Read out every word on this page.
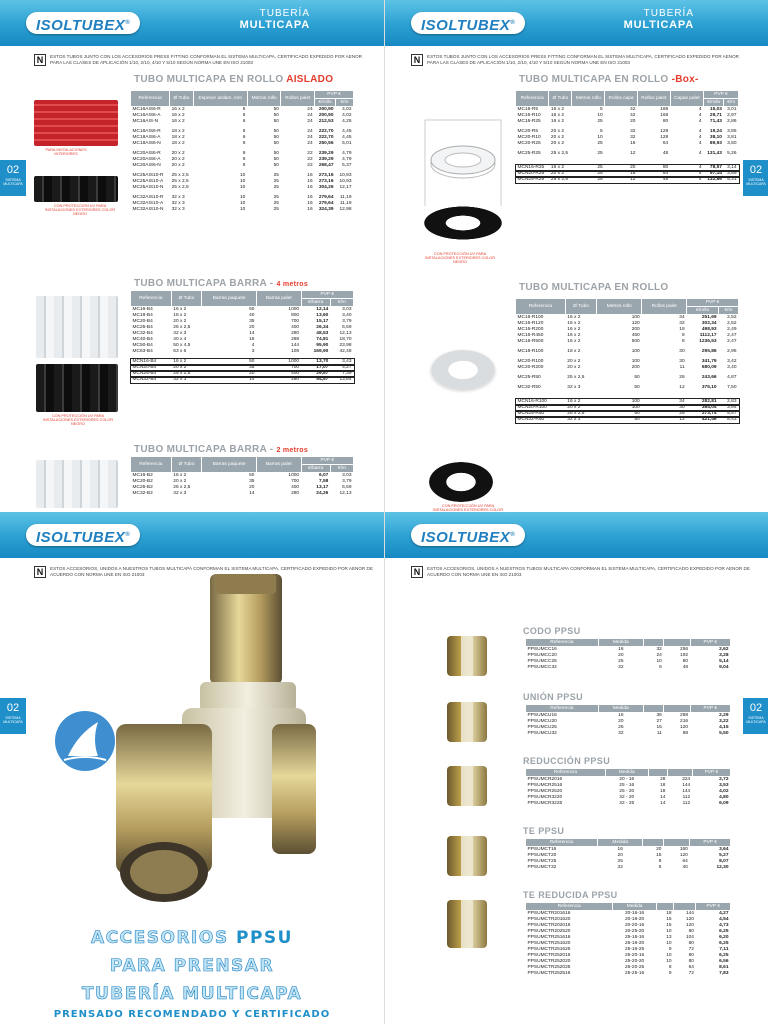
ISOLTUBEX®
TUBERÍA
MULTICAPA
N	ESTOS TUBOS JUNTO CON LOS ACCESORIOS PRESS FITTING CONFORMAN EL SISTEMA MULTICAPA, CERTIFICADO EXPEDIDO POR AENOR PARA LAS CLASES DE APLICACIÓN 1/10, 2/10, 4/10 Y 5/10 SEGÚN NORMA UNE EN ISO 21003
02
SISTEMA MULTICAPA
TUBO MULTICAPA EN ROLLO AISLADO
PARA INSTALACIONES INTERIORES
CON PROTECCIÓN UV PARA INSTALACIONES EXTERIORES COLOR NEGRO
Referencia	Ø Tubo	Espesor aislam. mm	Metros rollo	Rollos palet	PVP €	
					€/rollo	€/m
MC16AIS6-R	16 x 2	6	50	24	200,90	4,02
MC16AIS6-A	16 x 2	6	50	24	200,90	4,02
MC16AIS-N	16 x 2	6	50	24	212,53	4,25

MC18AIS6-R	18 x 2	6	50	24	222,70	4,45
MC18AIS6-A	18 x 2	6	50	24	222,70	4,45
MC18AIS6-N	18 x 2	6	50	24	250,56	5,01

MC20AIS6-R	20 x 2	6	50	22	239,29	4,79
MC20AIS6-A	20 x 2	6	50	22	239,29	4,79
MC20AIS6-N	20 x 2	6	50	22	268,47	5,37

MC25AIS10-R	25 x 2,5	10	25	16	273,16	10,93
MC25AIS10-A	25 x 2,5	10	25	16	273,16	10,93
MC25AIS10-N	25 x 2,5	10	25	16	304,26	12,17

MC32AIS10-R	32 x 3	10	25	16	279,64	11,19
MC32AIS10-A	32 x 3	10	25	16	279,64	11,19
MC32AIS10-N	32 x 3	10	25	16	324,39	12,98
TUBO MULTICAPA BARRA - 4 metros
CON PROTECCIÓN UV PARA INSTALACIONES EXTERIORES COLOR NEGRO
Referencia	Ø Tubo	Barras paquete	Barras palet	PVP €	
				€/barra	€/m
MC16-B4	16 x 2	50	1000	12,14	3,03
MC18-B4	18 x 2	40	800	13,60	3,40
MC20-B4	20 x 2	35	700	15,17	3,79
MC25-B4	25 x 2,5	20	400	26,34	6,59
MC32-B4	32 x 3	14	280	48,53	12,13
MC40-B4	40 x 4	15	288	74,81	18,70
MC50-B4	50 x 4,5	4	144	95,90	23,98
MC63-B4	63 x 6	3	108	169,90	42,48

MCN16-B4	16 x 2	50	1000	13,70	3,43
MCN20-B4	20 x 2	35	700	17,07	4,27
MCN25-B4	25 x 2,5	20	400	29,57	7,39
MCN32-B4	32 x 3	14	280	54,57	13,64
TUBO MULTICAPA BARRA - 2 metros
Referencia	Ø Tubo	Barras paquete	Barras palet	PVP €	
				€/barra	€/m
MC16-B2	16 x 2	50	1000	6,07	3,03
MC20-B2	20 x 2	35	700	7,58	3,79
MC25-B2	25 x 2,5	20	400	13,17	6,59
MC32-B2	32 x 3	14	280	24,26	12,13
ISOLTUBEX®
TUBERÍA
MULTICAPA
N	ESTOS TUBOS JUNTO CON LOS ACCESORIOS PRESS FITTING CONFORMAN EL SISTEMA MULTICAPA, CERTIFICADO EXPEDIDO POR AENOR PARA LAS CLASES DE APLICACIÓN 1/10, 2/10, 4/10 Y 5/10 SEGÚN NORMA UNE EN ISO 21003
02
SISTEMA MULTICAPA
TUBO MULTICAPA EN ROLLO -Box-
CON PROTECCIÓN UV PARA INSTALACIONES EXTERIORES COLOR NEGRO
Referencia	Ø Tubo	Metros rollo	Rollos capa	Rollos palet	Capas palet	PVP €	
						€/rollo	€/m
MC16-R5	16 x 2	5	42	168	4	15,03	3,01
MC16-R10	16 x 2	10	42	168	4	29,71	2,97
MC16-R25	16 x 2	25	20	80	4	71,43	2,86

MC20-R5	20 x 2	5	32	128	4	19,24	3,85
MC20-R10	20 x 2	10	32	128	4	38,10	3,81
MC20-R25	20 x 2	25	16	64	4	89,93	3,60

MC25-R25	25 x 2,5	25	12	48	4	131,43	5,26

MCN16-R25	16 x 2	25	20	80	4	78,57	3,14
MCN20-R25	20 x 2	25	16	64	4	97,14	3,89
MCN25-R25	25 x 2,5	25	12	48	4	132,86	5,31
TUBO MULTICAPA EN ROLLO
CON PROTECCIÓN UV PARA INSTALACIONES EXTERIORES COLOR
Referencia	Ø Tubo	Metros rollo	Rollos palet	PVP €	
				€/rollo	€/m
MC16-R100	16 x 2	100	34	251,69	2,52
MC16-R120	16 x 2	120	32	302,34	2,52
MC16-R200	16 x 2	200	18	498,93	2,49
MC16-R450	16 x 2	450	8	1112,17	2,47
MC16-R500	16 x 2	500	8	1236,53	2,47

MC18-R100	18 x 2	100	30	295,86	2,96

MC20-R100	20 x 2	100	30	341,79	3,42
MC20-R200	20 x 2	200	11	680,09	3,40

MC25-R50	25 x 2,5	50	26	243,66	4,87

MC32-R50	32 x 3	50	12	375,10	7,50

MCN16-R100	16 x 2	100	34	282,81	2,83
MCN20-R100	20 x 2	100	30	384,04	3,84
MCN25-R50	25 x 2,5	50	26	273,74	5,47
MCN32-R50	32 x 3	50	12	421,46	8,43
ISOLTUBEX®
N	ESTOS ACCESORIOS, UNIDOS A NUESTROS TUBOS MULTICAPA CONFORMAN EL SISTEMA MULTICAPA, CERTIFICADO EXPEDIDO POR AENOR DE ACUERDO CON NORMA UNE EN ISO 21003
02
SISTEMA MULTICAPA
ACCESORIOS PPSU
PARA PRENSAR
TUBERÍA MULTICAPA
PRENSADO RECOMENDADO Y CERTIFICADO
ISOLTUBEX®
N	ESTOS ACCESORIOS, UNIDOS A NUESTROS TUBOS MULTICAPA CONFORMAN EL SISTEMA MULTICAPA, CERTIFICADO EXPEDIDO POR AENOR DE ACUERDO CON NORMA UNE EN ISO 21003
02
SISTEMA MULTICAPA
CODO PPSU
Referencia	Medida			PVP €
PPSUMCC16	16	32	256	2,62
PPSUMCC20	20	24	192	3,28
PPSUMCC25	25	10	80	5,14
PPSUMCC32	32	6	48	9,04
UNIÓN PPSU
Referencia	Medida			PVP €
PPSUMCU16	16	36	288	2,29
PPSUMCU20	20	27	216	3,22
PPSUMCU25	25	15	120	4,15
PPSUMCU32	32	11	88	5,50
REDUCCIÓN PPSU
Referencia	Medida			PVP €
PPSUMCR2016	20 - 16	28	224	2,72
PPSUMCR2516	25 - 16	18	144	3,53
PPSUMCR2520	25 - 20	18	144	4,02
PPSUMCR3220	32 - 20	14	112	4,80
PPSUMCR3225	32 - 25	14	112	6,09
TE PPSU
Referencia	Medida			PVP €
PPSUMCT16	16	20	160	3,64
PPSUMCT20	20	15	120	5,27
PPSUMCT25	25	8	64	8,07
PPSUMCT32	32	5	40	12,30
TE REDUCIDA PPSU
Referencia	Medida			PVP €
PPSUMCTR201616	20-16-16	18	144	4,27
PPSUMCTR201620	20-16-20	15	120	4,54
PPSUMCTR202016	20-20-16	15	120	4,73
PPSUMCTR202520	20-25-20	10	80	6,25
PPSUMCTR251616	25-16-16	13	104	6,20
PPSUMCTR251620	25-16-20	10	80	6,25
PPSUMCTR251625	25-16-25	9	72	7,11
PPSUMCTR252016	25-20-16	10	80	6,25
PPSUMCTR252020	25-20-20	10	80	6,56
PPSUMCTR252025	25-20-25	8	64	8,61
PPSUMCTR252516	25-25-16	9	72	7,83
